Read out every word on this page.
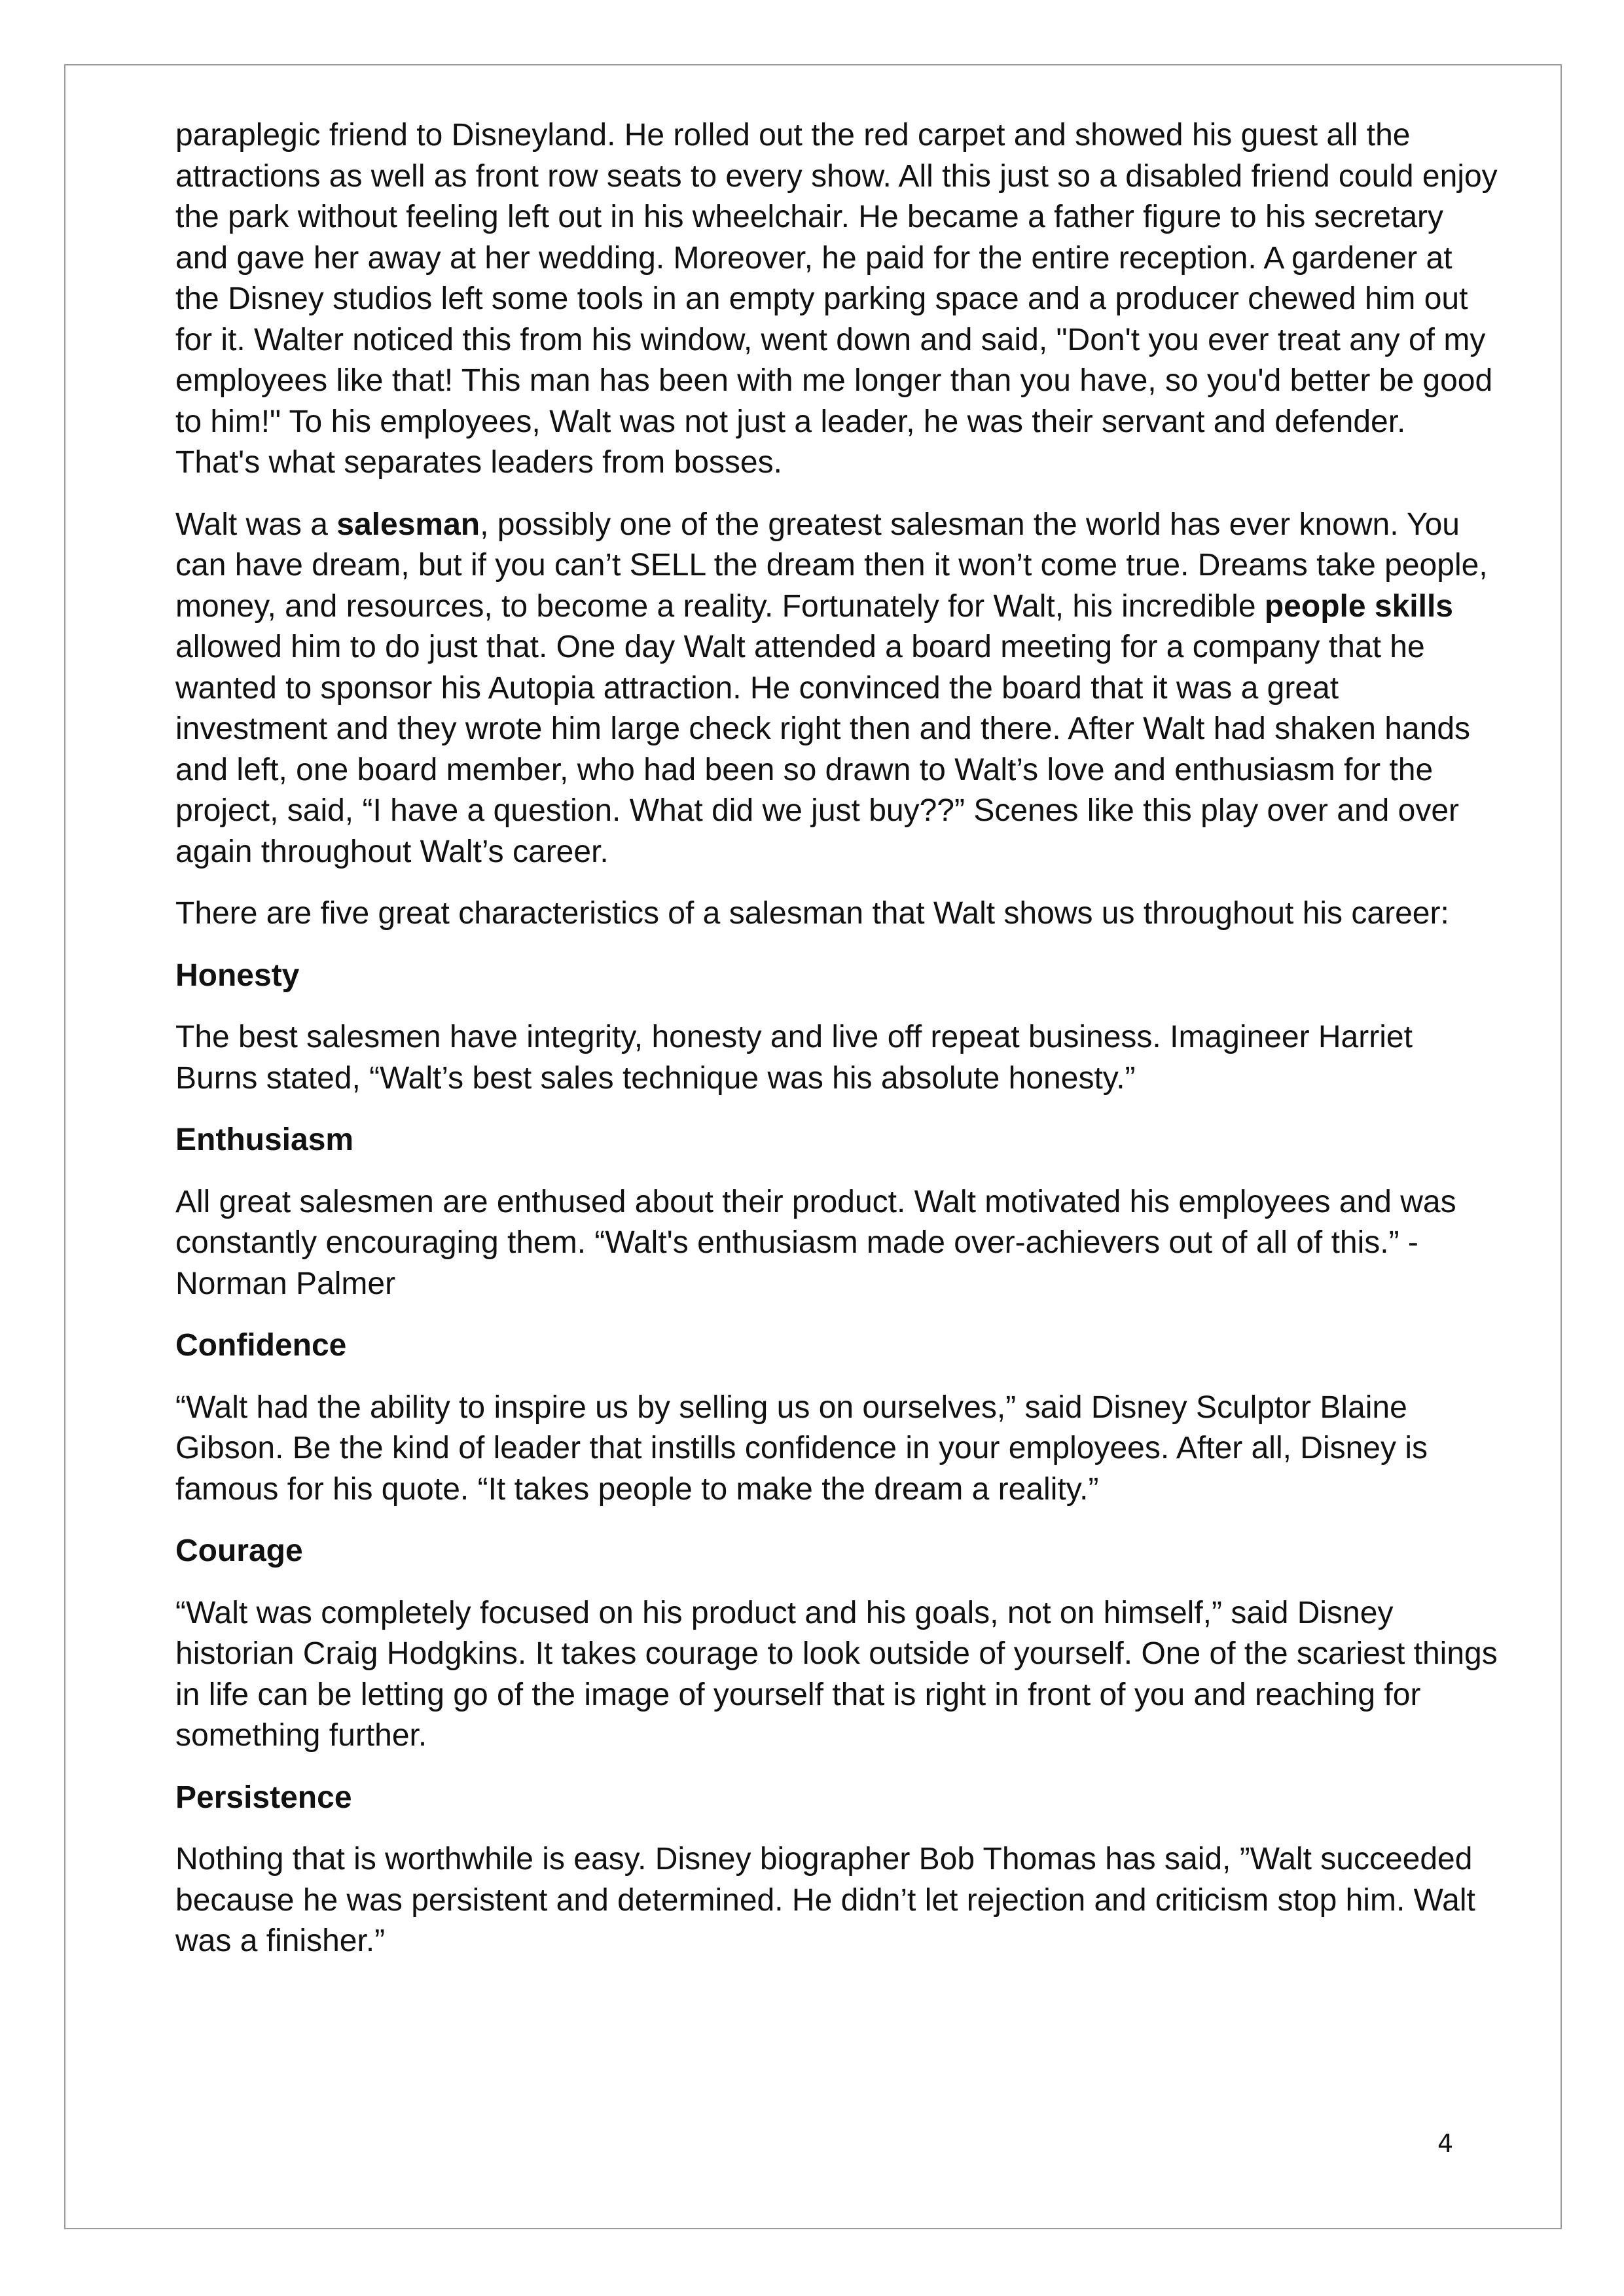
paraplegic friend to Disneyland. He rolled out the red carpet and showed his guest all the attractions as well as front row seats to every show. All this just so a disabled friend could enjoy the park without feeling left out in his wheelchair. He became a father figure to his secretary and gave her away at her wedding. Moreover, he paid for the entire reception. A gardener at the Disney studios left some tools in an empty parking space and a producer chewed him out for it. Walter noticed this from his window, went down and said, "Don't you ever treat any of my employees like that! This man has been with me longer than you have, so you'd better be good to him!" To his employees, Walt was not just a leader, he was their servant and defender. That's what separates leaders from bosses.

Walt was a salesman, possibly one of the greatest salesman the world has ever known. You can have dream, but if you can’t SELL the dream then it won’t come true. Dreams take people, money, and resources, to become a reality. Fortunately for Walt, his incredible people skills allowed him to do just that. One day Walt attended a board meeting for a company that he wanted to sponsor his Autopia attraction. He convinced the board that it was a great investment and they wrote him large check right then and there. After Walt had shaken hands and left, one board member, who had been so drawn to Walt’s love and enthusiasm for the project, said, “I have a question. What did we just buy??” Scenes like this play over and over again throughout Walt’s career.

There are five great characteristics of a salesman that Walt shows us throughout his career:

Honesty

The best salesmen have integrity, honesty and live off repeat business. Imagineer Harriet Burns stated, “Walt’s best sales technique was his absolute honesty.”

Enthusiasm

All great salesmen are enthused about their product. Walt motivated his employees and was constantly encouraging them. “Walt's enthusiasm made over-achievers out of all of this.” - Norman Palmer

Confidence

“Walt had the ability to inspire us by selling us on ourselves,” said Disney Sculptor Blaine Gibson. Be the kind of leader that instills confidence in your employees. After all, Disney is famous for his quote. “It takes people to make the dream a reality.”

Courage

“Walt was completely focused on his product and his goals, not on himself,” said Disney historian Craig Hodgkins. It takes courage to look outside of yourself. One of the scariest things in life can be letting go of the image of yourself that is right in front of you and reaching for something further.

Persistence

Nothing that is worthwhile is easy. Disney biographer Bob Thomas has said, ”Walt succeeded because he was persistent and determined. He didn’t let rejection and criticism stop him. Walt was a finisher.”

4
